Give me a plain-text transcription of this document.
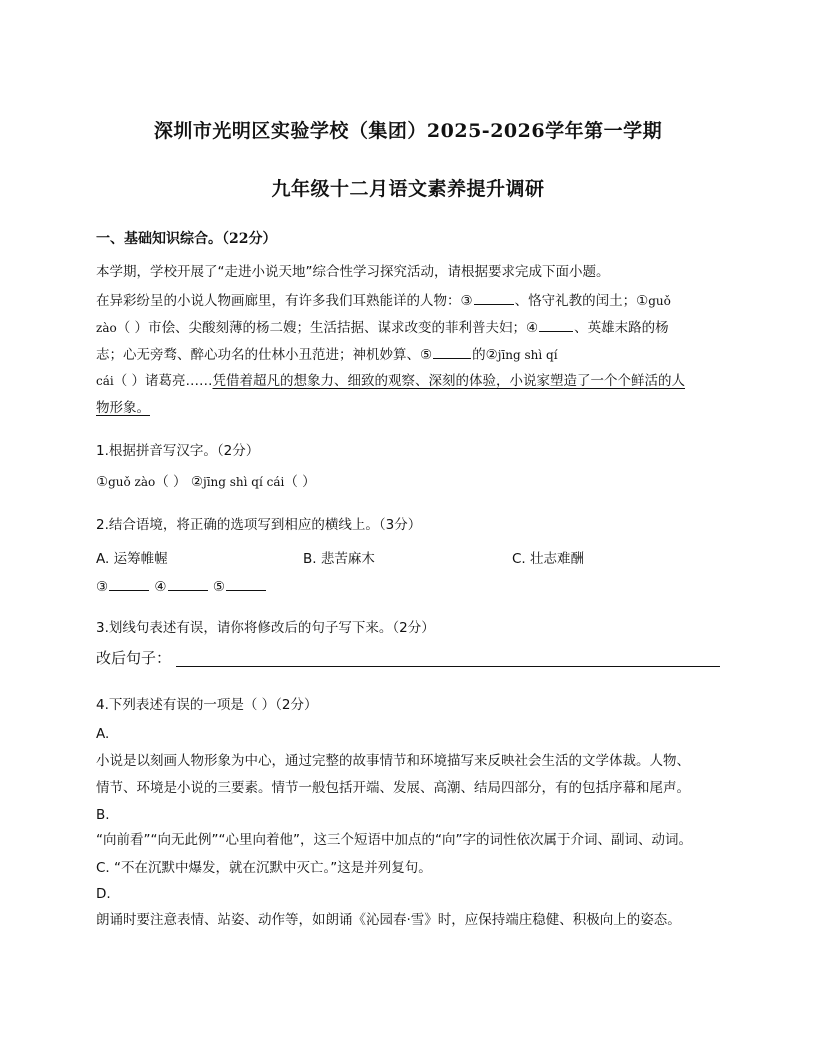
深圳市光明区实验学校（集团）2025-2026学年第一学期
九年级十二月语文素养提升调研
一、基础知识综合。（22分）
本学期，学校开展了“走进小说天地”综合性学习探究活动，请根据要求完成下面小题。
在异彩纷呈的小说人物画廊里，有许多我们耳熟能详的人物：③	、恪守礼教的闰土；①guǒ
zào（ ）市侩、尖酸刻薄的杨二嫂；生活拮据、谋求改变的菲利普夫妇；④	、英雄末路的杨
志；心无旁骛、醉心功名的仕林小丑范进；神机妙算、⑤	的②jīng shì qí
cái（ ）诸葛亮……凭借着超凡的想象力、细致的观察、深刻的体验，小说家塑造了一个个鲜活的人
物形象。
1.根据拼音写汉字。（2分）
①guǒ zào（ ） ②jīng shì qí cái（ ）
2.结合语境，将正确的选项写到相应的横线上。（3分）
A. 运筹帷幄	B. 悲苦麻木	C. 壮志难酬
③	④	⑤
3.划线句表述有误，请你将修改后的句子写下来。（2分）
改后句子：
4.下列表述有误的一项是（ ）（2分）
A.
小说是以刻画人物形象为中心，通过完整的故事情节和环境描写来反映社会生活的文学体裁。人物、
情节、环境是小说的三要素。情节一般包括开端、发展、高潮、结局四部分，有的包括序幕和尾声。
B.
“向前看”“向无此例”“心里向着他”，这三个短语中加点的“向”字的词性依次属于介词、副词、动词。
C. “不在沉默中爆发，就在沉默中灭亡。”这是并列复句。
D.
朗诵时要注意表情、站姿、动作等，如朗诵《沁园春·雪》时，应保持端庄稳健、积极向上的姿态。
